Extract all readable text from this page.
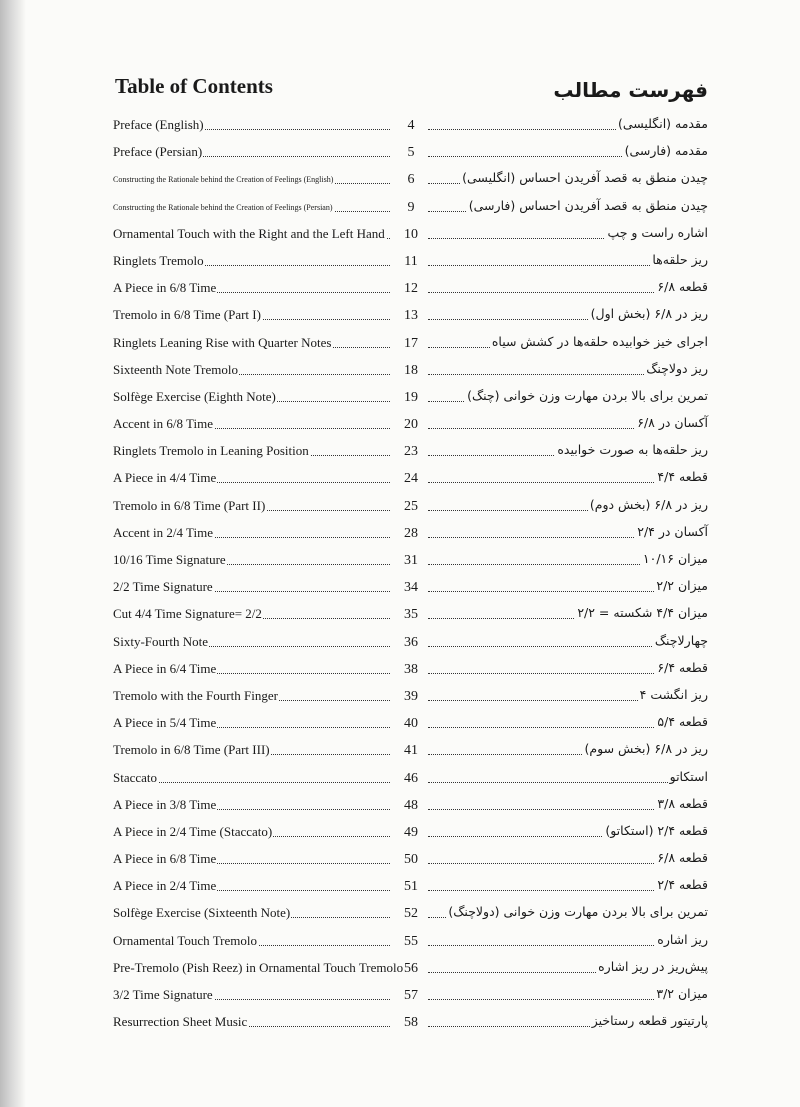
Table of Contents	فهرست مطالب
Preface (English)	4	مقدمه (انگلیسی)
Preface (Persian)	5	مقدمه (فارسی)
Constructing the Rationale behind the Creation of Feelings (English)	6	چیدن منطق به قصد آفریدن احساس (انگلیسی)
Constructing the Rationale behind the Creation of Feelings (Persian)	9	چیدن منطق به قصد آفریدن احساس (فارسی)
Ornamental Touch with the Right and the Left Hand	10	اشاره راست و چپ
Ringlets Tremolo	11	ریز حلقه‌ها
A Piece in 6/8 Time	12	قطعه ۶/۸
Tremolo in 6/8 Time (Part I)	13	ریز در ۶/۸ (بخش اول)
Ringlets Leaning Rise with Quarter Notes	17	اجرای خیز خوابیده حلقه‌ها در کشش سیاه
Sixteenth Note Tremolo	18	ریز دولاچنگ
Solfège Exercise (Eighth Note)	19	تمرین برای بالا بردن مهارت وزن خوانی (چنگ)
Accent in 6/8 Time	20	آکسان در ۶/۸
Ringlets Tremolo in Leaning Position	23	ریز حلقه‌ها به صورت خوابیده
A Piece in 4/4 Time	24	قطعه ۴/۴
Tremolo in 6/8 Time (Part II)	25	ریز در ۶/۸ (بخش دوم)
Accent in 2/4 Time	28	آکسان در ۲/۴
10/16 Time Signature	31	میزان ۱۰/۱۶
2/2 Time Signature	34	میزان ۲/۲
Cut 4/4 Time Signature= 2/2	35	میزان ۴/۴ شکسته = ۲/۲
Sixty-Fourth Note	36	چهارلاچنگ
A Piece in 6/4 Time	38	قطعه ۶/۴
Tremolo with the Fourth Finger	39	ریز انگشت ۴
A Piece in 5/4 Time	40	قطعه ۵/۴
Tremolo in 6/8 Time (Part III)	41	ریز در ۶/۸ (بخش سوم)
Staccato	46	استکاتو
A Piece in 3/8 Time	48	قطعه ۳/۸
A Piece in 2/4 Time (Staccato)	49	قطعه ۲/۴ (استکاتو)
A Piece in 6/8 Time	50	قطعه ۶/۸
A Piece in 2/4 Time	51	قطعه ۲/۴
Solfège Exercise (Sixteenth Note)	52	تمرین برای بالا بردن مهارت وزن خوانی (دولاچنگ)
Ornamental Touch Tremolo	55	ریز اشاره
Pre-Tremolo (Pish Reez) in Ornamental Touch Tremolo 56	پیش‌ریز در ریز اشاره
3/2 Time Signature	57	میزان ۳/۲
Resurrection Sheet Music	58	پارتیتور قطعه رستاخیز
